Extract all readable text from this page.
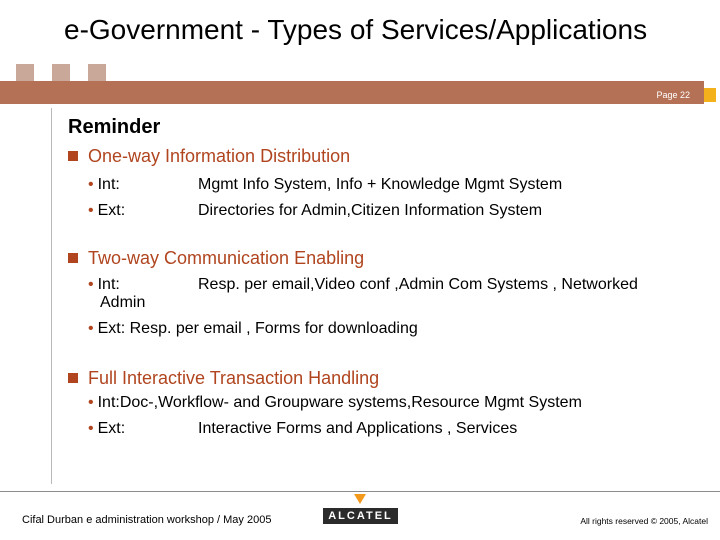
e-Government - Types of Services/Applications
Page 22
Reminder
One-way Information Distribution
• Int:	Mgmt Info System, Info + Knowledge Mgmt System
• Ext:	Directories for Admin,Citizen Information System
Two-way Communication Enabling
• Int:	Resp. per email,Video conf ,Admin Com Systems , Networked
Admin
• Ext: Resp. per email , Forms for downloading
Full Interactive Transaction Handling
• Int:Doc-,Workflow- and Groupware systems,Resource Mgmt System
• Ext:	Interactive Forms and Applications , Services
Cifal Durban e administration workshop / May 2005	ALCATEL	All rights reserved © 2005, Alcatel
